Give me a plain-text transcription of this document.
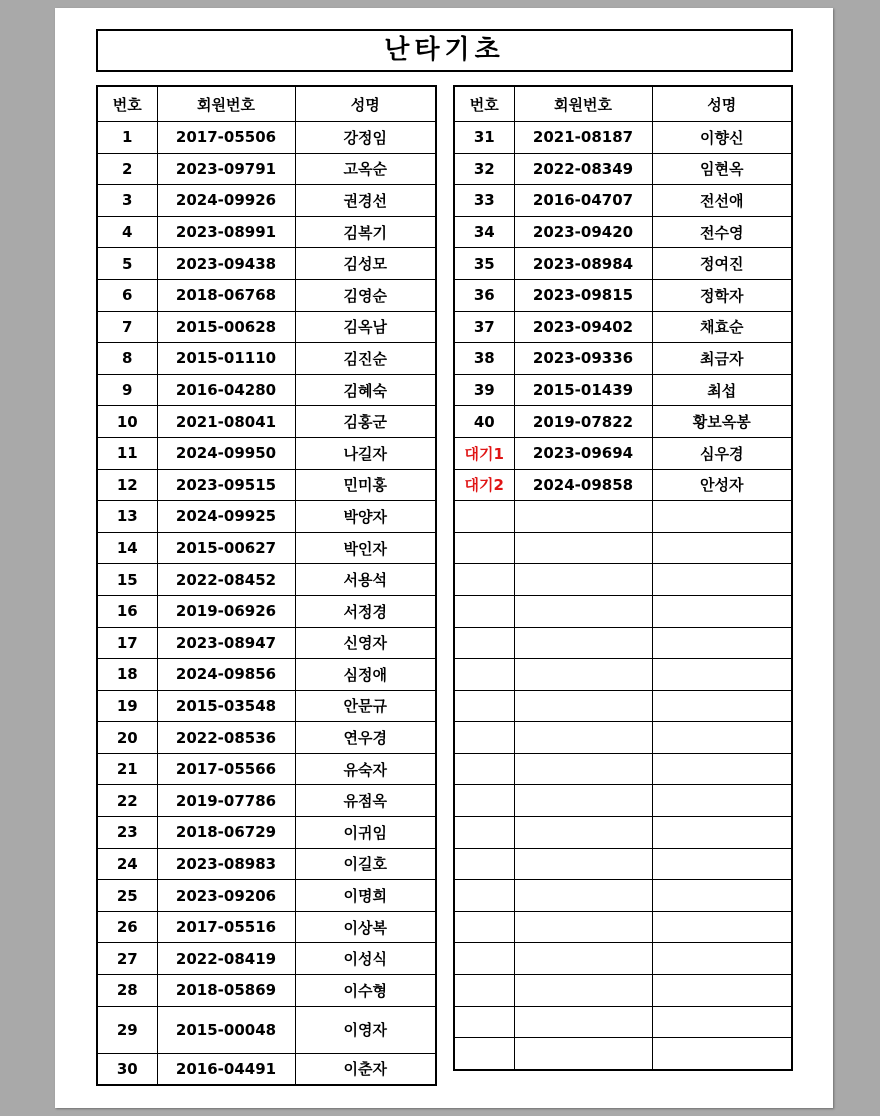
난타기초
번호	회원번호	성명
1	2017-05506	강정임
2	2023-09791	고옥순
3	2024-09926	권경선
4	2023-08991	김복기
5	2023-09438	김성모
6	2018-06768	김영순
7	2015-00628	김옥남
8	2015-01110	김진순
9	2016-04280	김혜숙
10	2021-08041	김홍군
11	2024-09950	나길자
12	2023-09515	민미홍
13	2024-09925	박양자
14	2015-00627	박인자
15	2022-08452	서용석
16	2019-06926	서정경
17	2023-08947	신영자
18	2024-09856	심정애
19	2015-03548	안문규
20	2022-08536	연우경
21	2017-05566	유숙자
22	2019-07786	유점옥
23	2018-06729	이귀임
24	2023-08983	이길호
25	2023-09206	이명희
26	2017-05516	이상복
27	2022-08419	이성식
28	2018-05869	이수형
29	2015-00048	이영자
30	2016-04491	이춘자
번호	회원번호	성명
31	2021-08187	이향신
32	2022-08349	임현옥
33	2016-04707	전선애
34	2023-09420	전수영
35	2023-08984	정여진
36	2023-09815	정학자
37	2023-09402	채효순
38	2023-09336	최금자
39	2015-01439	최섭
40	2019-07822	황보옥봉
대기1	2023-09694	심우경
대기2	2024-09858	안성자
